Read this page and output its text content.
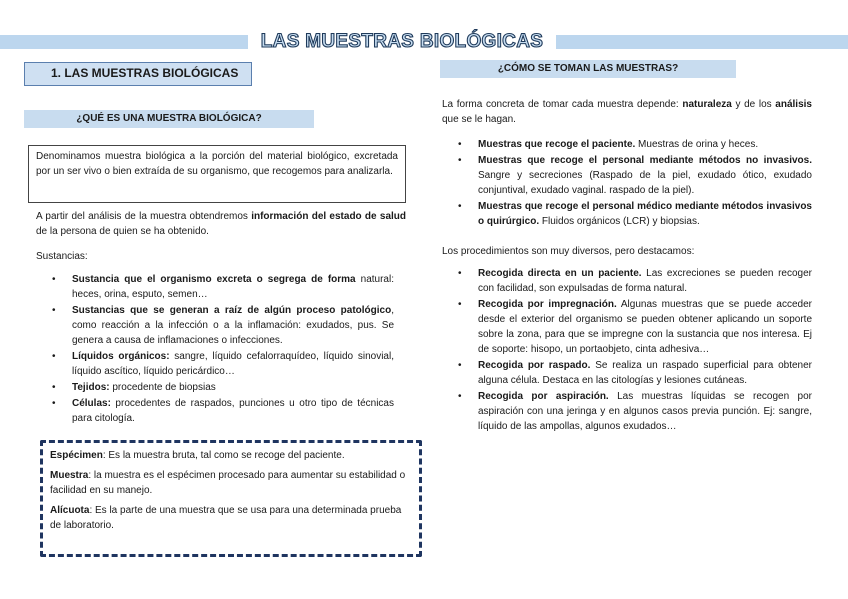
LAS MUESTRAS BIOLÓGICAS
1. LAS MUESTRAS BIOLÓGICAS
¿QUÉ ES UNA MUESTRA BIOLÓGICA?
Denominamos muestra biológica a la porción del material biológico, excretada por un ser vivo o bien extraída de su organismo, que recogemos para analizarla.
A partir del análisis de la muestra obtendremos información del estado de salud de la persona de quien se ha obtenido.
Sustancias:
• Sustancia que el organismo excreta o segrega de forma natural: heces, orina, esputo, semen…
• Sustancias que se generan a raíz de algún proceso patológico, como reacción a la infección o a la inflamación: exudados, pus. Se genera a causa de inflamaciones o infecciones.
• Líquidos orgánicos: sangre, líquido cefalorraquídeo, líquido sinovial, líquido ascítico, líquido pericárdico…
• Tejidos: procedente de biopsias
• Células: procedentes de raspados, punciones u otro tipo de técnicas para citología.

Espécimen: Es la muestra bruta, tal como se recoge del paciente.

Muestra: la muestra es el espécimen procesado para aumentar su estabilidad o facilidad en su manejo.

Alícuota: Es la parte de una muestra que se usa para una determinada prueba de laboratorio.

¿CÓMO SE TOMAN LAS MUESTRAS?
La forma concreta de tomar cada muestra depende: naturaleza y de los análisis que se le hagan.
• Muestras que recoge el paciente. Muestras de orina y heces.
• Muestras que recoge el personal mediante métodos no invasivos. Sangre y secreciones (Raspado de la piel, exudado ótico, exudado conjuntival, exudado vaginal. raspado de la piel).
• Muestras que recoge el personal médico mediante métodos invasivos o quirúrgico. Fluidos orgánicos (LCR) y biopsias.
Los procedimientos son muy diversos, pero destacamos:
• Recogida directa en un paciente. Las excreciones se pueden recoger con facilidad, son expulsadas de forma natural.
• Recogida por impregnación. Algunas muestras que se puede acceder desde el exterior del organismo se pueden obtener aplicando un soporte sobre la zona, para que se impregne con la sustancia que nos interesa. Ej de soporte: hisopo, un portaobjeto, cinta adhesiva…
• Recogida por raspado. Se realiza un raspado superficial para obtener alguna célula. Destaca en las citologías y lesiones cutáneas.
• Recogida por aspiración. Las muestras líquidas se recogen por aspiración con una jeringa y en algunos casos previa punción. Ej: sangre, líquido de las ampollas, algunos exudados…
